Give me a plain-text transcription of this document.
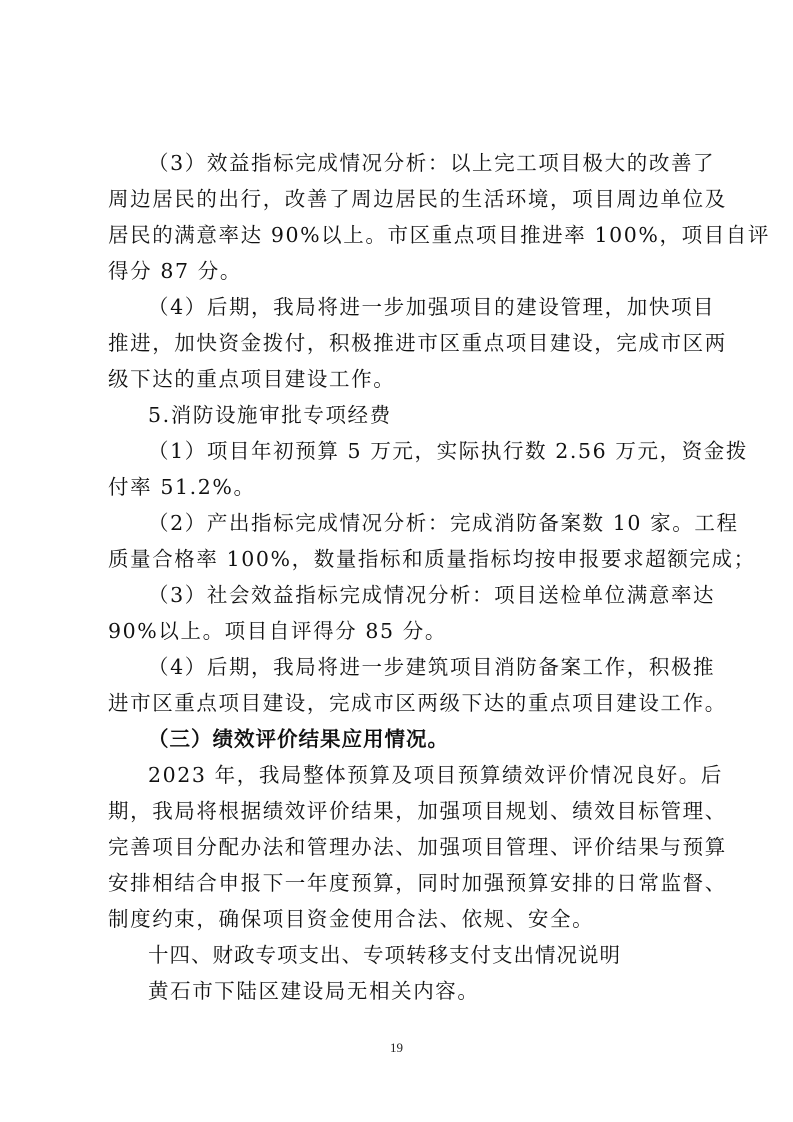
（3）效益指标完成情况分析：以上完工项目极大的改善了
周边居民的出行，改善了周边居民的生活环境，项目周边单位及
居民的满意率达 90%以上。市区重点项目推进率 100%，项目自评
得分 87 分。
（4）后期，我局将进一步加强项目的建设管理，加快项目
推进，加快资金拨付，积极推进市区重点项目建设，完成市区两
级下达的重点项目建设工作。
5.消防设施审批专项经费
（1）项目年初预算 5 万元，实际执行数 2.56 万元，资金拨
付率 51.2%。
（2）产出指标完成情况分析：完成消防备案数 10 家。工程
质量合格率 100%，数量指标和质量指标均按申报要求超额完成；
（3）社会效益指标完成情况分析：项目送检单位满意率达
90%以上。项目自评得分 85 分。
（4）后期，我局将进一步建筑项目消防备案工作，积极推
进市区重点项目建设，完成市区两级下达的重点项目建设工作。
（三）绩效评价结果应用情况。
2023 年，我局整体预算及项目预算绩效评价情况良好。后
期，我局将根据绩效评价结果，加强项目规划、绩效目标管理、
完善项目分配办法和管理办法、加强项目管理、评价结果与预算
安排相结合申报下一年度预算，同时加强预算安排的日常监督、
制度约束，确保项目资金使用合法、依规、安全。
十四、财政专项支出、专项转移支付支出情况说明
黄石市下陆区建设局无相关内容。
19
